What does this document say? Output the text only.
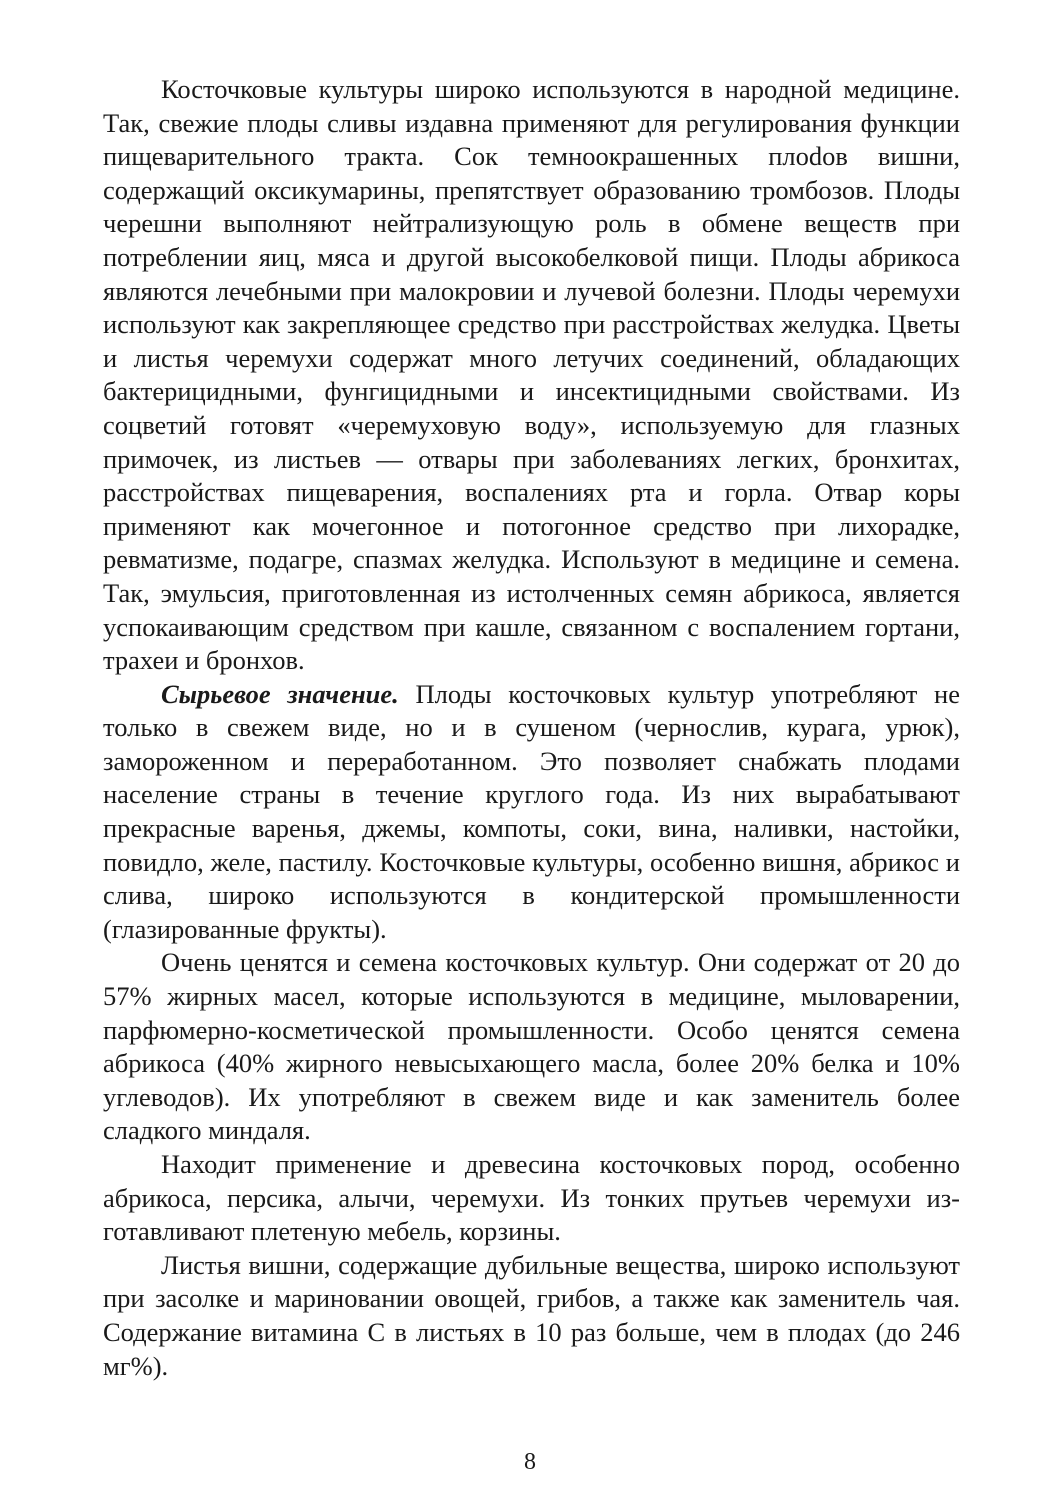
Косточковые культуры широко используются в народной медицине. Так, свежие плоды сливы издавна применяют для регулирования функции пищеварительного тракта. Сок темноокрашенных плоdов вишни, содержащий оксикумарины, препятствует образованию тромбозов. Плоды черешни выполняют нейтрализующую роль в обмене веществ при потреблении яиц, мяса и другой высокобелковой пищи. Плоды абрикоса являются лечебными при малокровии и лучевой болезни. Плоды черемухи используют как закрепляющее средство при расстройствах желудка. Цветы и листья черемухи содержат много летучих соединений, обладающих бактерицидными, фунгицидными и инсектицидными свойствами. Из соцветий готовят «черемуховую воду», используемую для глазных примочек, из листьев — отвары при заболеваниях легких, бронхитах, расстройствах пищеварения, воспалениях рта и горла. Отвар коры применяют как мочегонное и потогонное средство при лихорадке, ревматизме, подагре, спазмах желудка. Используют в медицине и семена. Так, эмульсия, приготовленная из истолченных семян абрикоса, является успокаивающим средством при кашле, связанном с воспалением гортани, трахеи и бронхов.

Сырьевое значение. Плоды косточковых культур употребляют не только в свежем виде, но и в сушеном (чернослив, курага, урюк), замороженном и переработанном. Это позволяет снабжать плодами население страны в течение круглого года. Из них вырабатывают прекрасные варенья, джемы, компоты, соки, вина, наливки, настойки, повидло, желе, пастилу. Косточковые культуры, особенно вишня, абрикос и слива, широко используются в кондитерской промышленности (глазированные фрукты).

Очень ценятся и семена косточковых культур. Они содержат от 20 до 57% жирных масел, которые используются в медицине, мыловарении, парфюмерно-косметической промышленности. Особо ценятся семена абрикоса (40% жирного невысыхающего масла, более 20% белка и 10% углеводов). Их употребляют в свежем виде и как заменитель более сладкого миндаля.

Находит применение и древесина косточковых пород, особенно абрикоса, персика, алычи, черемухи. Из тонких прутьев черемухи изготавливают плетеную мебель, корзины.

Листья вишни, содержащие дубильные вещества, широко используют при засолке и мариновании овощей, грибов, а также как заменитель чая. Содержание витамина С в листьях в 10 раз больше, чем в плодах (до 246 мг%).

8
